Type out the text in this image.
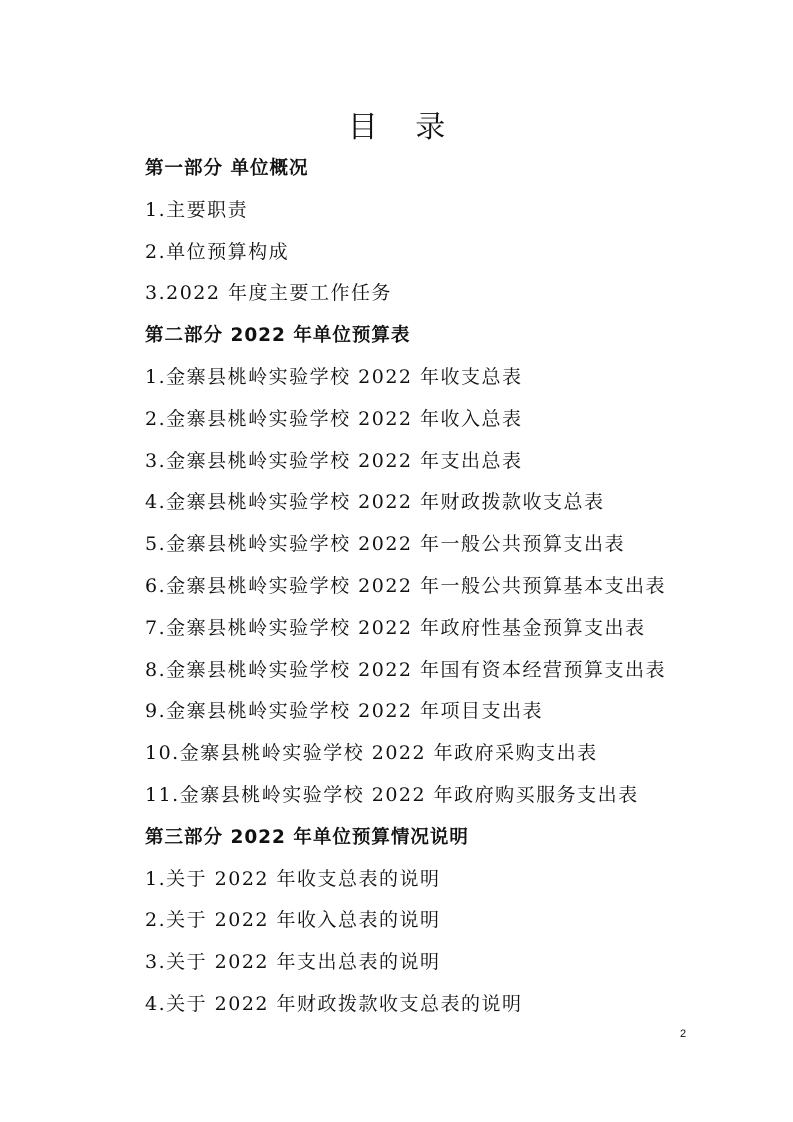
目 录
第一部分 单位概况
1.主要职责
2.单位预算构成
3.2022 年度主要工作任务
第二部分 2022 年单位预算表
1.金寨县桃岭实验学校 2022 年收支总表
2.金寨县桃岭实验学校 2022 年收入总表
3.金寨县桃岭实验学校 2022 年支出总表
4.金寨县桃岭实验学校 2022 年财政拨款收支总表
5.金寨县桃岭实验学校 2022 年一般公共预算支出表
6.金寨县桃岭实验学校 2022 年一般公共预算基本支出表
7.金寨县桃岭实验学校 2022 年政府性基金预算支出表
8.金寨县桃岭实验学校 2022 年国有资本经营预算支出表
9.金寨县桃岭实验学校 2022 年项目支出表
10.金寨县桃岭实验学校 2022 年政府采购支出表
11.金寨县桃岭实验学校 2022 年政府购买服务支出表
第三部分 2022 年单位预算情况说明
1.关于 2022 年收支总表的说明
2.关于 2022 年收入总表的说明
3.关于 2022 年支出总表的说明
4.关于 2022 年财政拨款收支总表的说明
2
